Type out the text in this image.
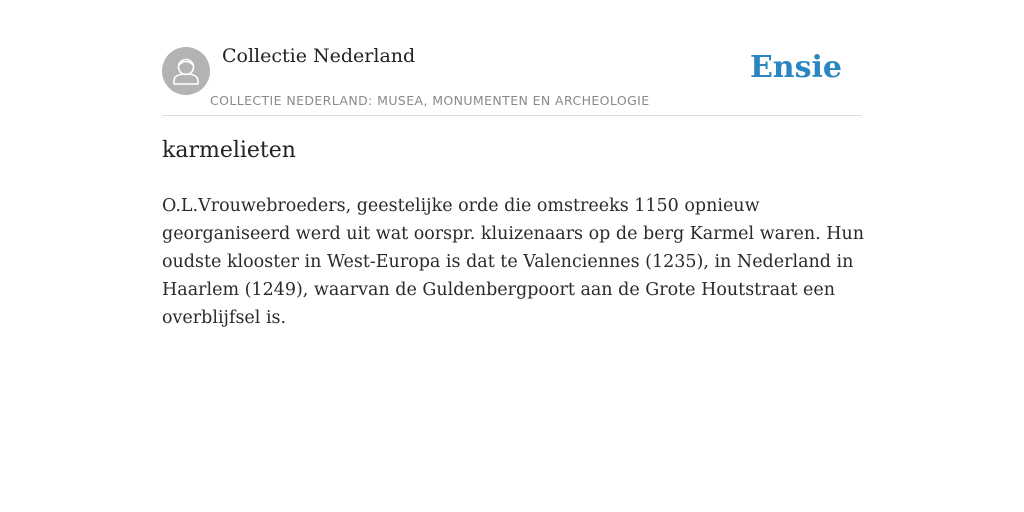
Collectie Nederland
COLLECTIE NEDERLAND: MUSEA, MONUMENTEN EN ARCHEOLOGIE
Ensie
karmelieten

O.L.Vrouwebroeders, geestelijke orde die omstreeks 1150 opnieuw georganiseerd werd uit wat oorspr. kluizenaars op de berg Karmel waren. Hun oudste klooster in West-Europa is dat te Valenciennes (1235), in Nederland in Haarlem (1249), waarvan de Guldenbergpoort aan de Grote Houtstraat een overblijfsel is.
